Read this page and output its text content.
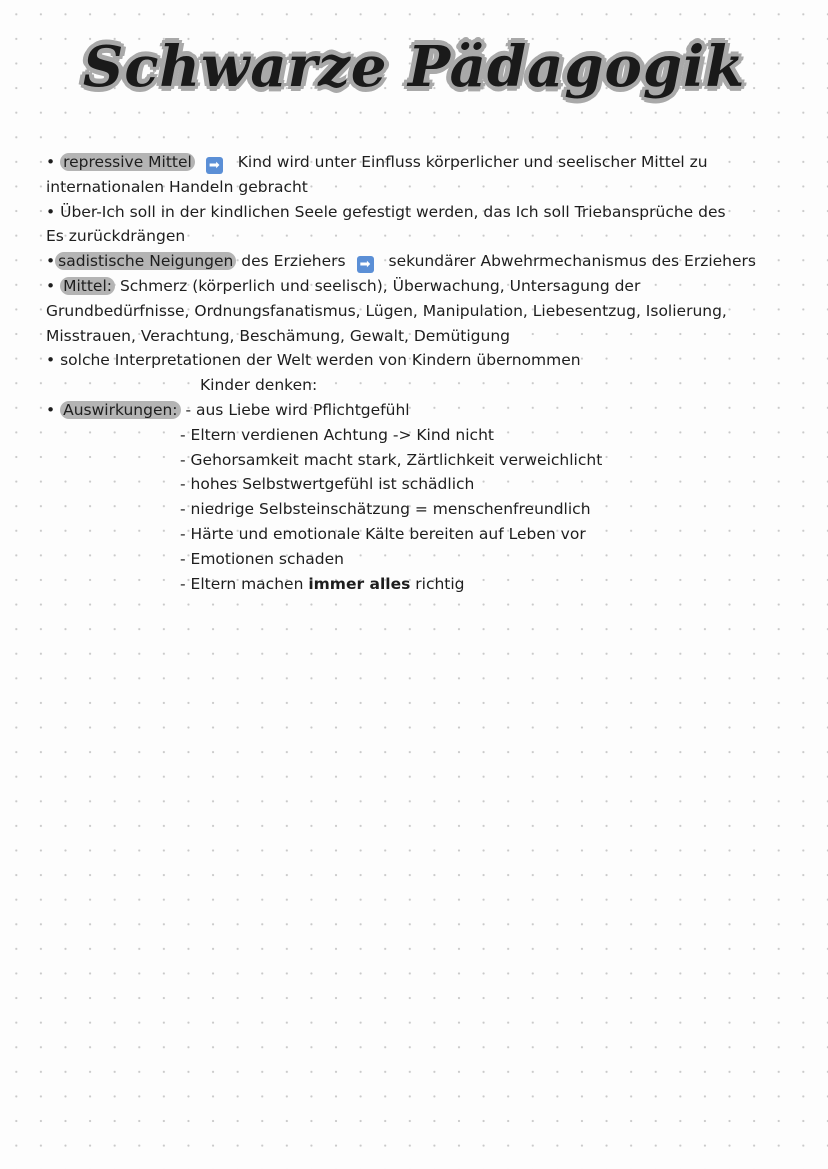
Schwarze Pädagogik
• repressive Mittel ➡ Kind wird unter Einfluss körperlicher und seelischer Mittel zu
internationalen Handeln gebracht
• Über-Ich soll in der kindlichen Seele gefestigt werden, das Ich soll Triebansprüche des
Es zurückdrängen
• sadistische Neigungen des Erziehers ➡ sekundärer Abwehrmechanismus des Erziehers
• Mittel: Schmerz (körperlich und seelisch), Überwachung, Untersagung der
Grundbedürfnisse, Ordnungsfanatismus, Lügen, Manipulation, Liebesentzug, Isolierung,
Misstrauen, Verachtung, Beschämung, Gewalt, Demütigung
• solche Interpretationen der Welt werden von Kindern übernommen
Kinder denken:
• Auswirkungen: - aus Liebe wird Pflichtgefühl
- Eltern verdienen Achtung -> Kind nicht
- Gehorsamkeit macht stark, Zärtlichkeit verweichlicht
- hohes Selbstwertgefühl ist schädlich
- niedrige Selbsteinschätzung = menschenfreundlich
- Härte und emotionale Kälte bereiten auf Leben vor
- Emotionen schaden
- Eltern machen immer alles richtig
